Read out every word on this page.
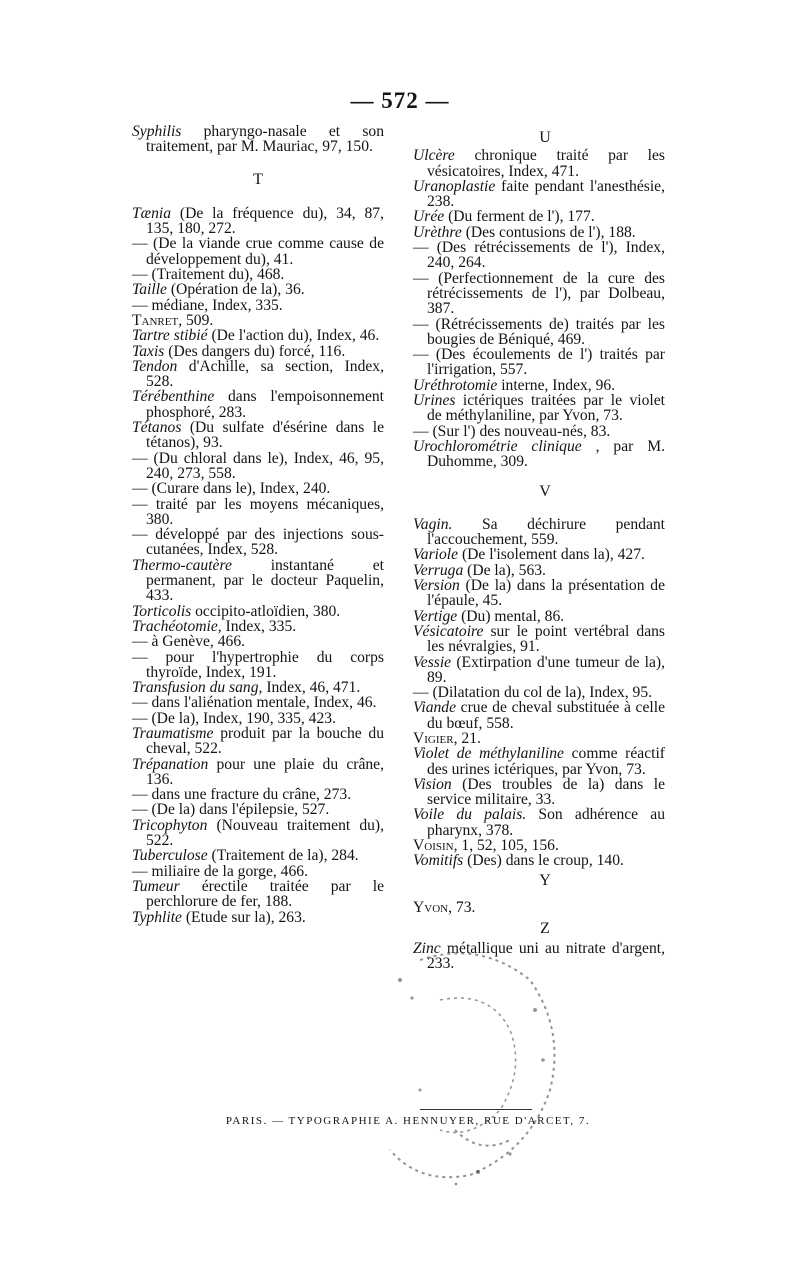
— 572 —

Syphilis pharyngo-nasale et son traitement, par M. Mauriac, 97, 150.

T

Tænia (De la fréquence du), 34, 87, 135, 180, 272.

— (De la viande crue comme cause de développement du), 41.

— (Traitement du), 468.

Taille (Opération de la), 36.

— médiane, Index, 335.

Tanret, 509.

Tartre stibié (De l'action du), Index, 46.

Taxis (Des dangers du) forcé, 116.

Tendon d'Achille, sa section, Index, 528.

Térébenthine dans l'empoisonnement phosphoré, 283.

Tétanos (Du sulfate d'ésérine dans le tétanos), 93.

— (Du chloral dans le), Index, 46, 95, 240, 273, 558.

— (Curare dans le), Index, 240.

— traité par les moyens mécaniques, 380.

— développé par des injections sous-cutanées, Index, 528.

Thermo-cautère instantané et permanent, par le docteur Paquelin, 433.

Torticolis occipito-atloïdien, 380.

Trachéotomie, Index, 335.

— à Genève, 466.

— pour l'hypertrophie du corps thyroïde, Index, 191.

Transfusion du sang, Index, 46, 471.

— dans l'aliénation mentale, Index, 46.

— (De la), Index, 190, 335, 423.

Traumatisme produit par la bouche du cheval, 522.

Trépanation pour une plaie du crâne, 136.

— dans une fracture du crâne, 273.

— (De la) dans l'épilepsie, 527.

Tricophyton (Nouveau traitement du), 522.

Tuberculose (Traitement de la), 284.

— miliaire de la gorge, 466.

Tumeur érectile traitée par le perchlorure de fer, 188.

Typhlite (Etude sur la), 263.

U

Ulcère chronique traité par les vésicatoires, Index, 471.

Uranoplastie faite pendant l'anesthésie, 238.

Urée (Du ferment de l'), 177.

Urèthre (Des contusions de l'), 188.

— (Des rétrécissements de l'), Index, 240, 264.

— (Perfectionnement de la cure des rétrécissements de l'), par Dolbeau, 387.

— (Rétrécissements de) traités par les bougies de Béniqué, 469.

— (Des écoulements de l') traités par l'irrigation, 557.

Uréthrotomie interne, Index, 96.

Urines ictériques traitées par le violet de méthylaniline, par Yvon, 73.

— (Sur l') des nouveau-nés, 83.

Urochlorométrie clinique , par M. Duhomme, 309.

V

Vagin. Sa déchirure pendant l'accouchement, 559.

Variole (De l'isolement dans la), 427.

Verruga (De la), 563.

Version (De la) dans la présentation de l'épaule, 45.

Vertige (Du) mental, 86.

Vésicatoire sur le point vertébral dans les névralgies, 91.

Vessie (Extirpation d'une tumeur de la), 89.

— (Dilatation du col de la), Index, 95.

Viande crue de cheval substituée à celle du bœuf, 558.

Vigier, 21.

Violet de méthylaniline comme réactif des urines ictériques, par Yvon, 73.

Vision (Des troubles de la) dans le service militaire, 33.

Voile du palais. Son adhérence au pharynx, 378.

Voisin, 1, 52, 105, 156.

Vomitifs (Des) dans le croup, 140.

Y

Yvon, 73.

Z

Zinc métallique uni au nitrate d'argent, 233.

PARIS. — TYPOGRAPHIE A. HENNUYER, RUE D'ARCET, 7.
